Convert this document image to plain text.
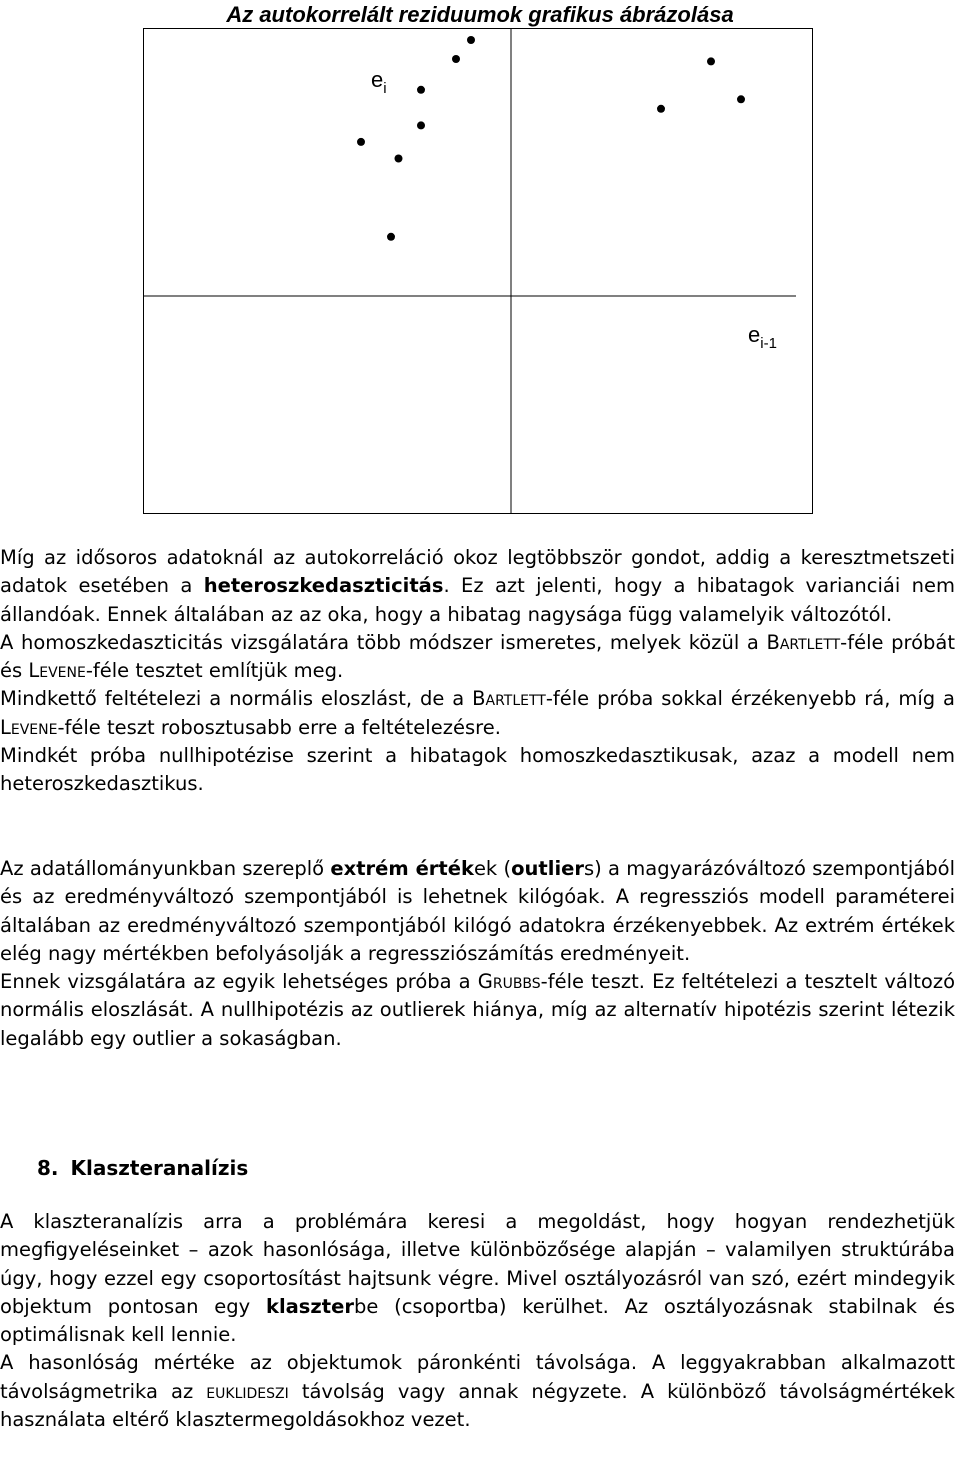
Az autokorrelált reziduumok grafikus ábrázolása
$e_i$
$e_{i-1}$

Míg az idősoros adatoknál az autokorreláció okoz legtöbbször gondot, addig a keresztmetszeti adatok esetében a heteroszkedaszticitás. Ez azt jelenti, hogy a hibatagok varianciái nem állandóak. Ennek általában az az oka, hogy a hibatag nagysága függ valamelyik változótól.

A homoszkedaszticitás vizsgálatára több módszer ismeretes, melyek közül a Bartlett-féle próbát és Levene-féle tesztet említjük meg.

Mindkettő feltételezi a normális eloszlást, de a Bartlett-féle próba sokkal érzékenyebb rá, míg a Levene-féle teszt robosztusabb erre a feltételezésre.

Mindkét próba nullhipotézise szerint a hibatagok homoszkedasztikusak, azaz a modell nem heteroszkedasztikus.

Az adatállományunkban szereplő extrém értékek (outliers) a magyarázóváltozó szempontjából és az eredményváltozó szempontjából is lehetnek kilógóak. A regressziós modell paraméterei általában az eredményváltozó szempontjából kilógó adatokra érzékenyebbek. Az extrém értékek elég nagy mértékben befolyásolják a regressziószámítás eredményeit.

Ennek vizsgálatára az egyik lehetséges próba a Grubbs-féle teszt. Ez feltételezi a tesztelt változó normális eloszlását. A nullhipotézis az outlierek hiánya, míg az alternatív hipotézis szerint létezik legalább egy outlier a sokaságban.

8. Klaszteranalízis

A klaszteranalízis arra a problémára keresi a megoldást, hogy hogyan rendezhetjük megfigyeléseinket – azok hasonlósága, illetve különbözősége alapján – valamilyen struktúrába úgy, hogy ezzel egy csoportosítást hajtsunk végre. Mivel osztályozásról van szó, ezért mindegyik objektum pontosan egy klaszterbe (csoportba) kerülhet. Az osztályozásnak stabilnak és optimálisnak kell lennie.

A hasonlóság mértéke az objektumok páronkénti távolsága. A leggyakrabban alkalmazott távolságmetrika az euklideszi távolság vagy annak négyzete. A különböző távolságmértékek használata eltérő klasztermegoldásokhoz vezet.
